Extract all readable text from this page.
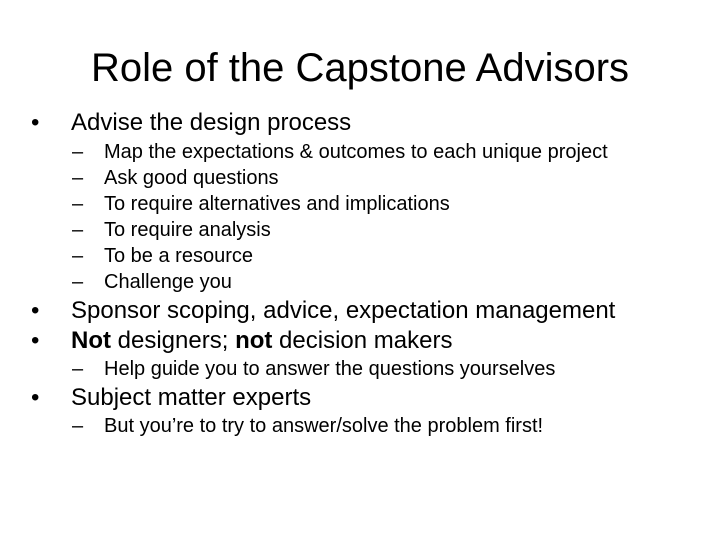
Role of the Capstone Advisors
• Advise the design process
– Map the expectations & outcomes to each unique project
– Ask good questions
– To require alternatives and implications
– To require analysis
– To be a resource
– Challenge you
• Sponsor scoping, advice, expectation management
• Not designers; not decision makers
– Help guide you to answer the questions yourselves
• Subject matter experts
– But you’re to try to answer/solve the problem first!
